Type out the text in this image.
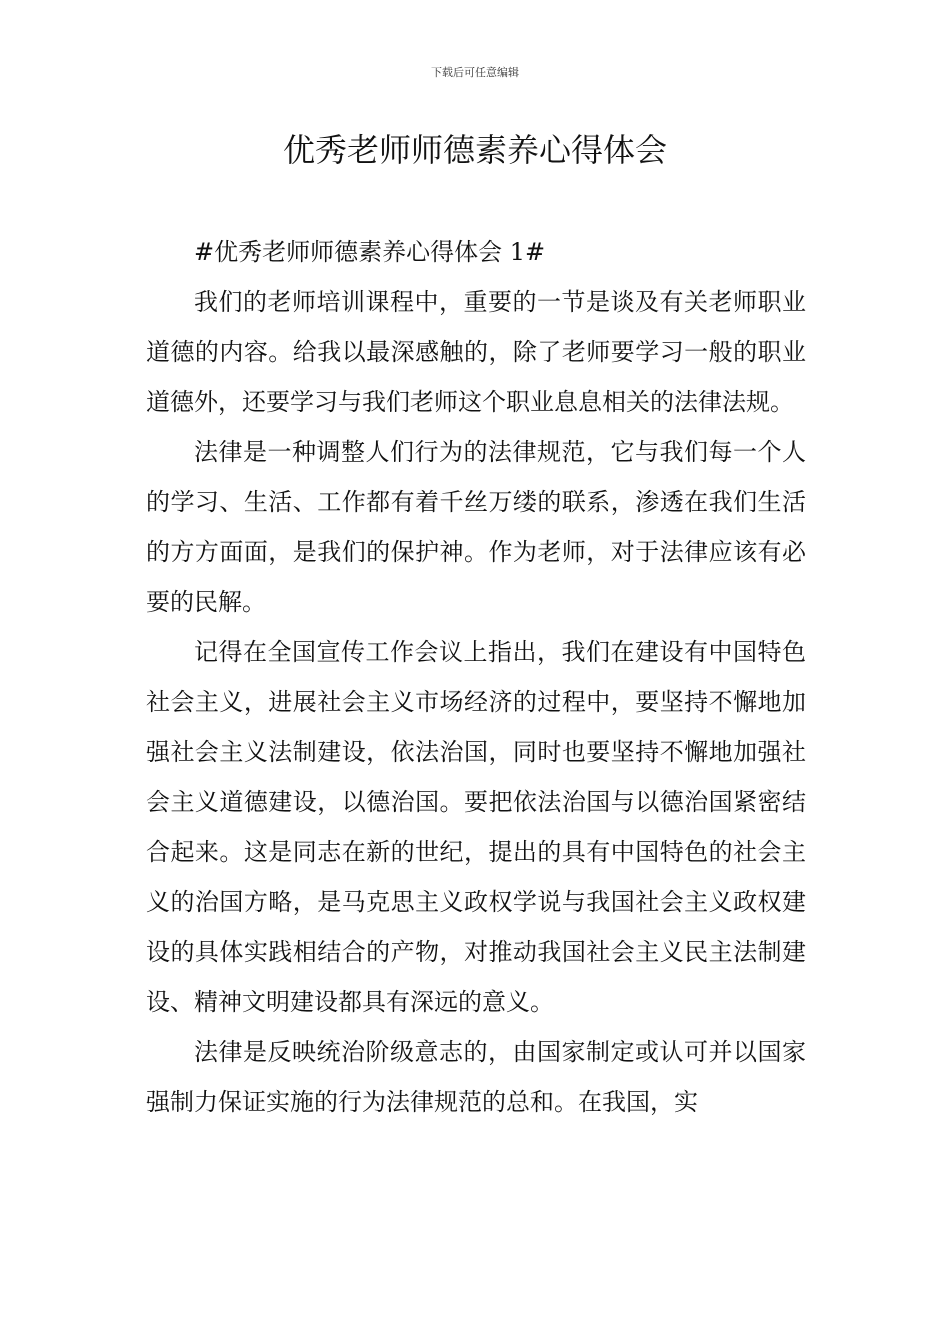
下载后可任意编辑
优秀老师师德素养心得体会

#优秀老师师德素养心得体会 1#

我们的老师培训课程中，重要的一节是谈及有关老师职业道德的内容。给我以最深感触的，除了老师要学习一般的职业道德外，还要学习与我们老师这个职业息息相关的法律法规。

法律是一种调整人们行为的法律规范，它与我们每一个人的学习、生活、工作都有着千丝万缕的联系，渗透在我们生活的方方面面，是我们的保护神。作为老师，对于法律应该有必要的民解。

记得在全国宣传工作会议上指出，我们在建设有中国特色社会主义，进展社会主义市场经济的过程中，要坚持不懈地加强社会主义法制建设，依法治国，同时也要坚持不懈地加强社会主义道德建设，以德治国。要把依法治国与以德治国紧密结合起来。这是同志在新的世纪，提出的具有中国特色的社会主义的治国方略，是马克思主义政权学说与我国社会主义政权建设的具体实践相结合的产物，对推动我国社会主义民主法制建设、精神文明建设都具有深远的意义。

法律是反映统治阶级意志的，由国家制定或认可并以国家强制力保证实施的行为法律规范的总和。在我国，实
